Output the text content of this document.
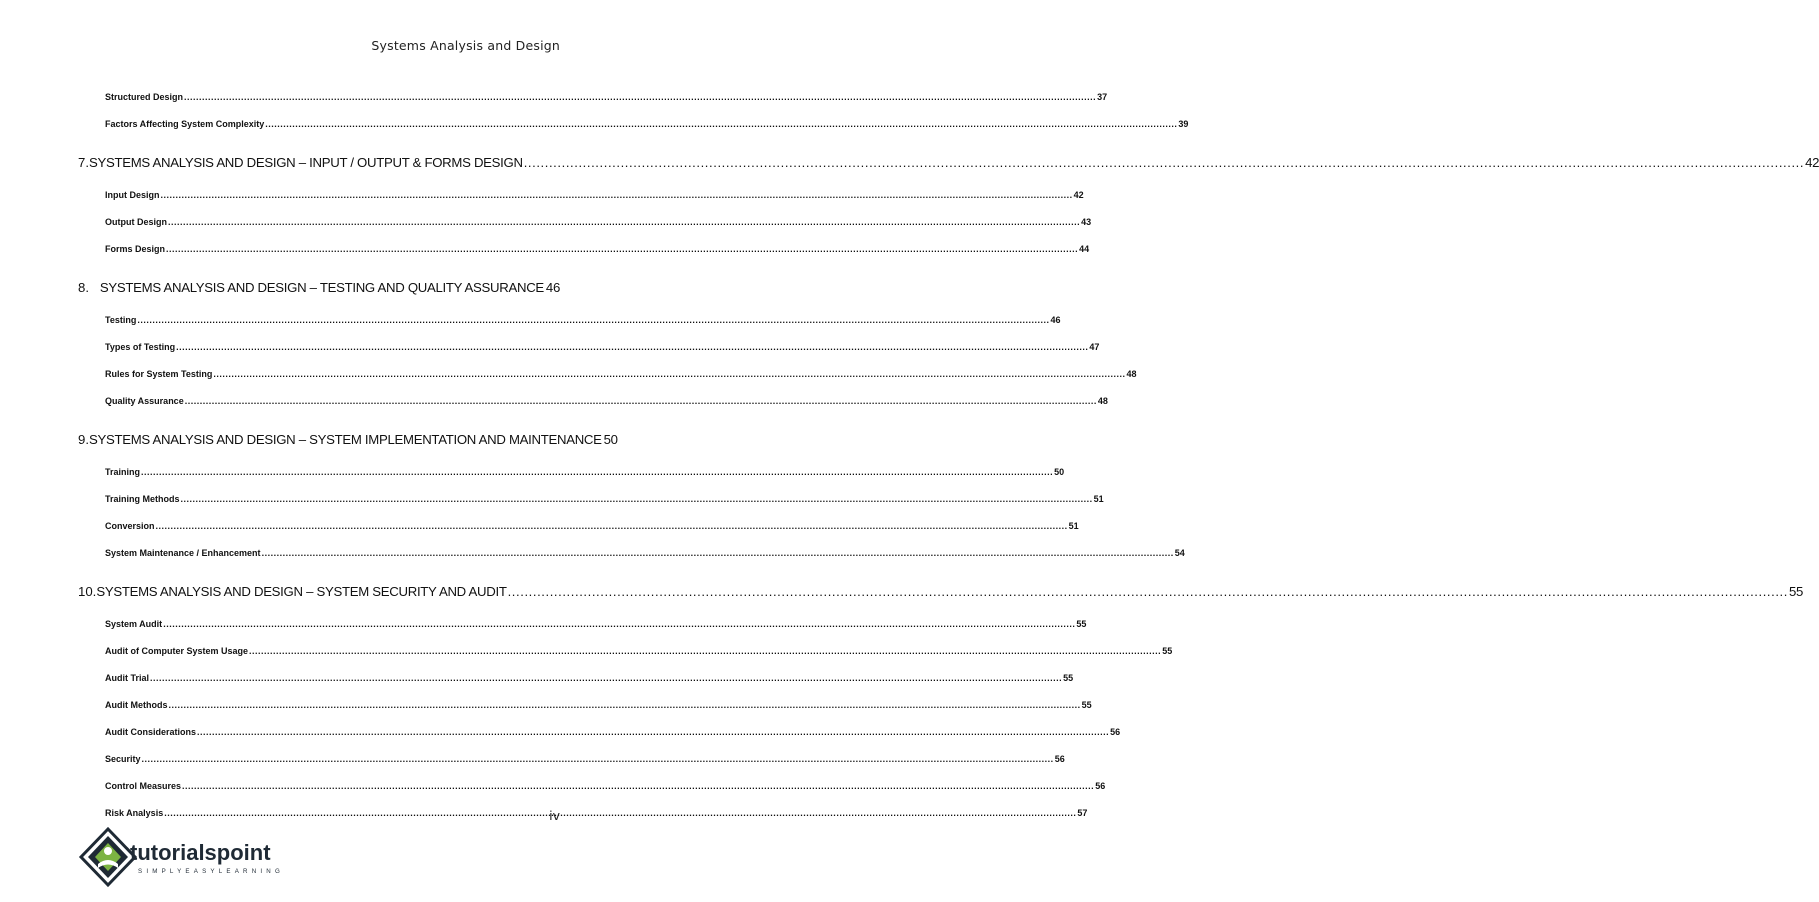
Systems Analysis and Design
Structured Design .....	37
Factors Affecting System Complexity .....	39
7. SYSTEMS ANALYSIS AND DESIGN – INPUT / OUTPUT & FORMS DESIGN .....	42
Input Design .....	42
Output Design .....	43
Forms Design .....	44
8. SYSTEMS ANALYSIS AND DESIGN – TESTING AND QUALITY ASSURANCE 46
Testing .....	46
Types of Testing .....	47
Rules for System Testing .....	48
Quality Assurance .....	48
9. SYSTEMS ANALYSIS AND DESIGN – SYSTEM IMPLEMENTATION AND MAINTENANCE 50
Training .....	50
Training Methods .....	51
Conversion .....	51
System Maintenance / Enhancement .....	54
10. SYSTEMS ANALYSIS AND DESIGN – SYSTEM SECURITY AND AUDIT .....	55
System Audit .....	55
Audit of Computer System Usage .....	55
Audit Trial .....	55
Audit Methods .....	55
Audit Considerations .....	56
Security .....	56
Control Measures .....	56
Risk Analysis .....	57
iv
tutorialspoint
SIMPLYEASYLEARNING
